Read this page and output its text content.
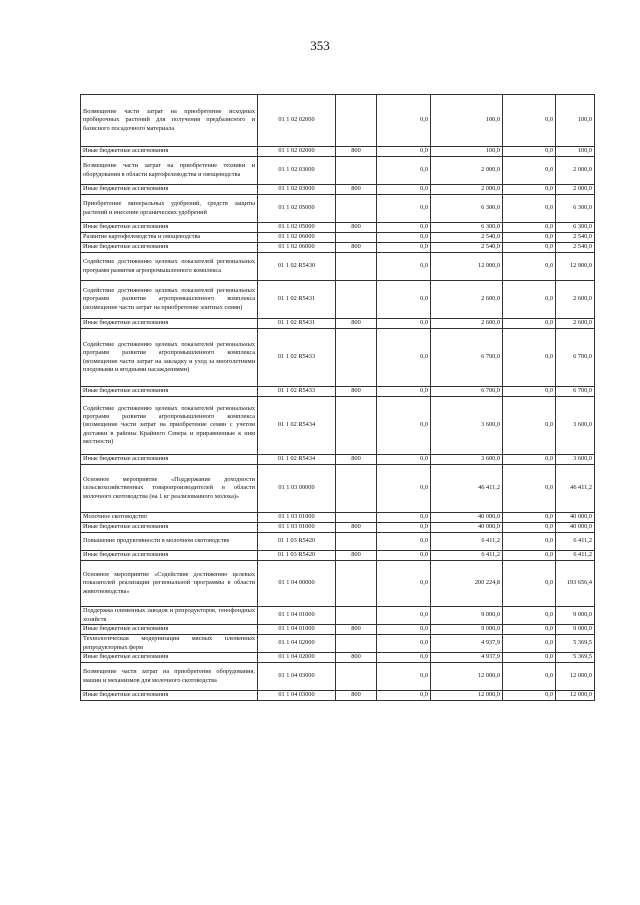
353
Возмещение части затрат на приобретение исходных пробирочных растений для получения предбазисного и базисного посадочного материала	01 1 02 02000		0,0	100,0	0,0	100,0
Иные бюджетные ассигнования	01 1 02 02000	800	0,0	100,0	0,0	100,0
Возмещение части затрат на приобретение техники и оборудования в области картофелеводства и овощеводства	01 1 02 03000		0,0	2 000,0	0,0	2 000,0
Иные бюджетные ассигнования	01 1 02 03000	800	0,0	2 000,0	0,0	2 000,0
Приобретение минеральных удобрений, средств защиты растений и внесение органических удобрений	01 1 02 05000		0,0	6 300,0	0,0	6 300,0
Иные бюджетные ассигнования	01 1 02 05000	800	0,0	6 300,0	0,0	6 300,0
Развитие картофелеводства и овощеводства	01 1 02 06000		0,0	2 540,0	0,0	2 540,0
Иные бюджетные ассигнования	01 1 02 06000	800	0,0	2 540,0	0,0	2 540,0
Содействие достижению целевых показателей региональных программ развития агропромышленного комплекса	01 1 02 R5430		0,0	12 900,0	0,0	12 900,0
Содействие достижению целевых показателей региональных программ развития агропромышленного комплекса (возмещение части затрат на приобретение элитных семян)	01 1 02 R5431		0,0	2 600,0	0,0	2 600,0
Иные бюджетные ассигнования	01 1 02 R5431	800	0,0	2 600,0	0,0	2 600,0
Содействие достижению целевых показателей региональных программ развития агропромышленного комплекса (возмещение части затрат на закладку и уход за многолетними плодовыми и ягодными насаждениями)	01 1 02 R5433		0,0	6 700,0	0,0	6 700,0
Иные бюджетные ассигнования	01 1 02 R5433	800	0,0	6 700,0	0,0	6 700,0
Содействие достижению целевых показателей региональных программ развития агропромышленного комплекса (возмещение части затрат на приобретение семян с учетом доставки в районы Крайнего Севера и приравненные к ним местности)	01 1 02 R5434		0,0	3 600,0	0,0	3 600,0
Иные бюджетные ассигнования	01 1 02 R5434	800	0,0	3 600,0	0,0	3 600,0
Основное мероприятие «Поддержание доходности сельскохозяйственных товаропроизводителей в области молочного скотоводства (на 1 кг реализованного молока)»	01 1 03 00000		0,0	46 411,2	0,0	46 411,2
Молочное скотоводство	01 1 03 01000		0,0	40 000,0	0,0	40 000,0
Иные бюджетные ассигнования	01 1 03 01000	800	0,0	40 000,0	0,0	40 000,0
Повышение продуктивности в молочном скотоводстве	01 1 03 R5420		0,0	6 411,2	0,0	6 411,2
Иные бюджетные ассигнования	01 1 03 R5420	800	0,0	6 411,2	0,0	6 411,2
Основное мероприятие «Содействие достижению целевых показателей реализации региональной программы в области животноводства»	01 1 04 00000		0,0	200 224,8	0,0	193 656,4
Поддержка племенных заводов и репродукторов, генофондных хозяйств	01 1 04 01000		0,0	9 000,0	0,0	9 000,0
Иные бюджетные ассигнования	01 1 04 01000	800	0,0	9 000,0	0,0	9 000,0
Технологическая модернизация мясных племенных репродукторных ферм	01 1 04 02000		0,0	4 937,9	0,0	5 369,5
Иные бюджетные ассигнования	01 1 04 02000	800	0,0	4 937,9	0,0	5 369,5
Возмещение части затрат на приобретение оборудования, машин и механизмов для молочного скотоводства	01 1 04 03000		0,0	12 000,0	0,0	12 000,0
Иные бюджетные ассигнования	01 1 04 03000	800	0,0	12 000,0	0,0	12 000,0
